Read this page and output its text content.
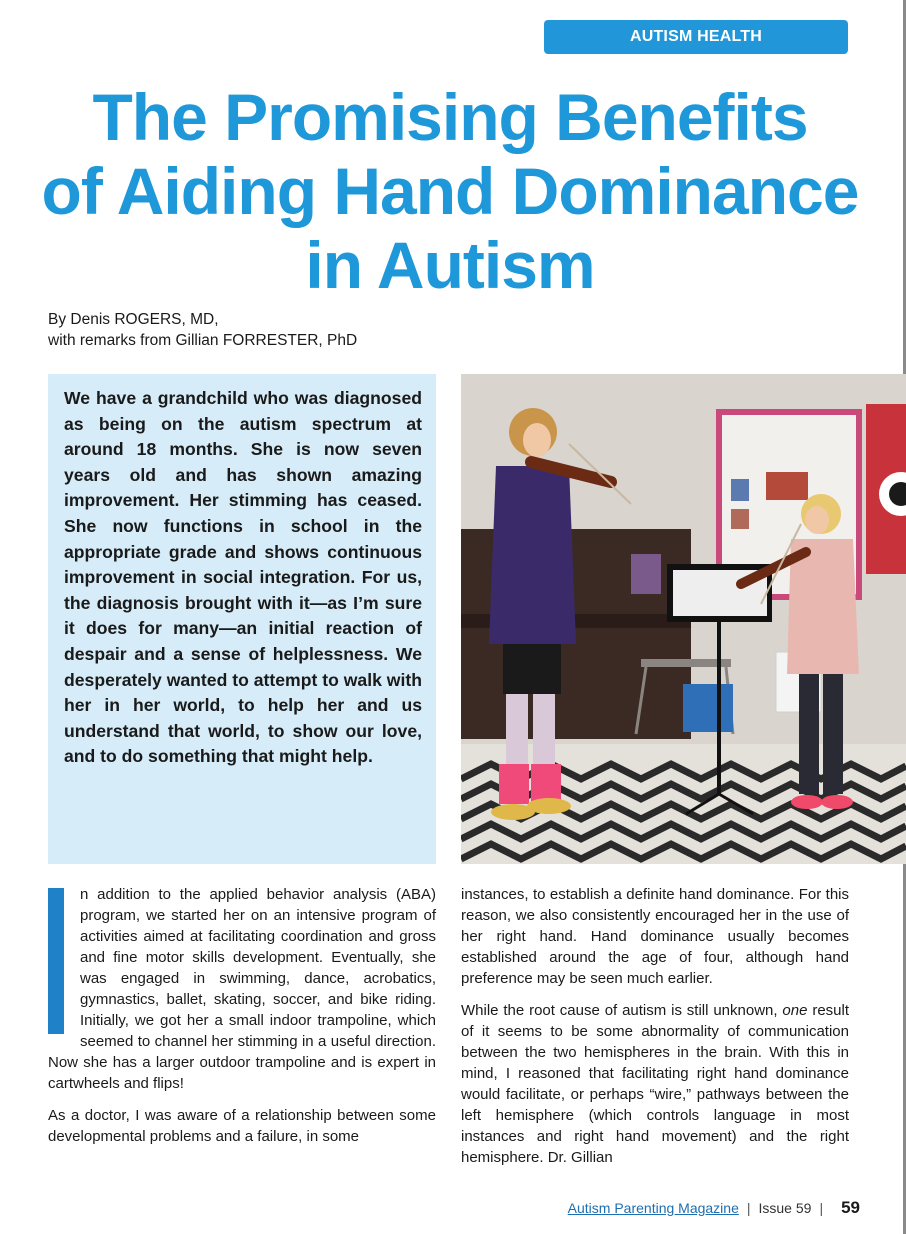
AUTISM HEALTH
The Promising Benefits
of Aiding Hand Dominance
in Autism
By Denis ROGERS, MD,
with remarks from Gillian FORRESTER, PhD

We have a grandchild who was diagnosed as being on the autism spectrum at around 18 months. She is now seven years old and has shown amazing improvement. Her stimming has ceased. She now functions in school in the appropriate grade and shows continuous improvement in social integration. For us, the diagnosis brought with it—as I’m sure it does for many—an initial reaction of despair and a sense of helplessness. We desperately wanted to attempt to walk with her in her world, to help her and us understand that world, to show our love, and to do something that might help.

n addition to the applied behavior analysis (ABA) program, we started her on an intensive program of activities aimed at facilitating coordination and gross and fine motor skills development. Eventually, she was engaged in swimming, dance, acrobatics, gymnastics, ballet, skating, soccer, and bike riding. Initially, we got her a small indoor trampoline, which seemed to channel her stimming in a useful direction. Now she has a larger outdoor trampoline and is expert in cartwheels and flips!

As a doctor, I was aware of a relationship between some developmental problems and a failure, in some

instances, to establish a definite hand dominance. For this reason, we also consistently encouraged her in the use of her right hand. Hand dominance usually becomes established around the age of four, although hand preference may be seen much earlier.

While the root cause of autism is still unknown, one result of it seems to be some abnormality of communication between the two hemispheres in the brain. With this in mind, I reasoned that facilitating right hand dominance would facilitate, or perhaps “wire,” pathways between the left hemisphere (which controls language in most instances and right hand movement) and the right hemisphere. Dr. Gillian

Autism Parenting Magazine | Issue 59 | 59
